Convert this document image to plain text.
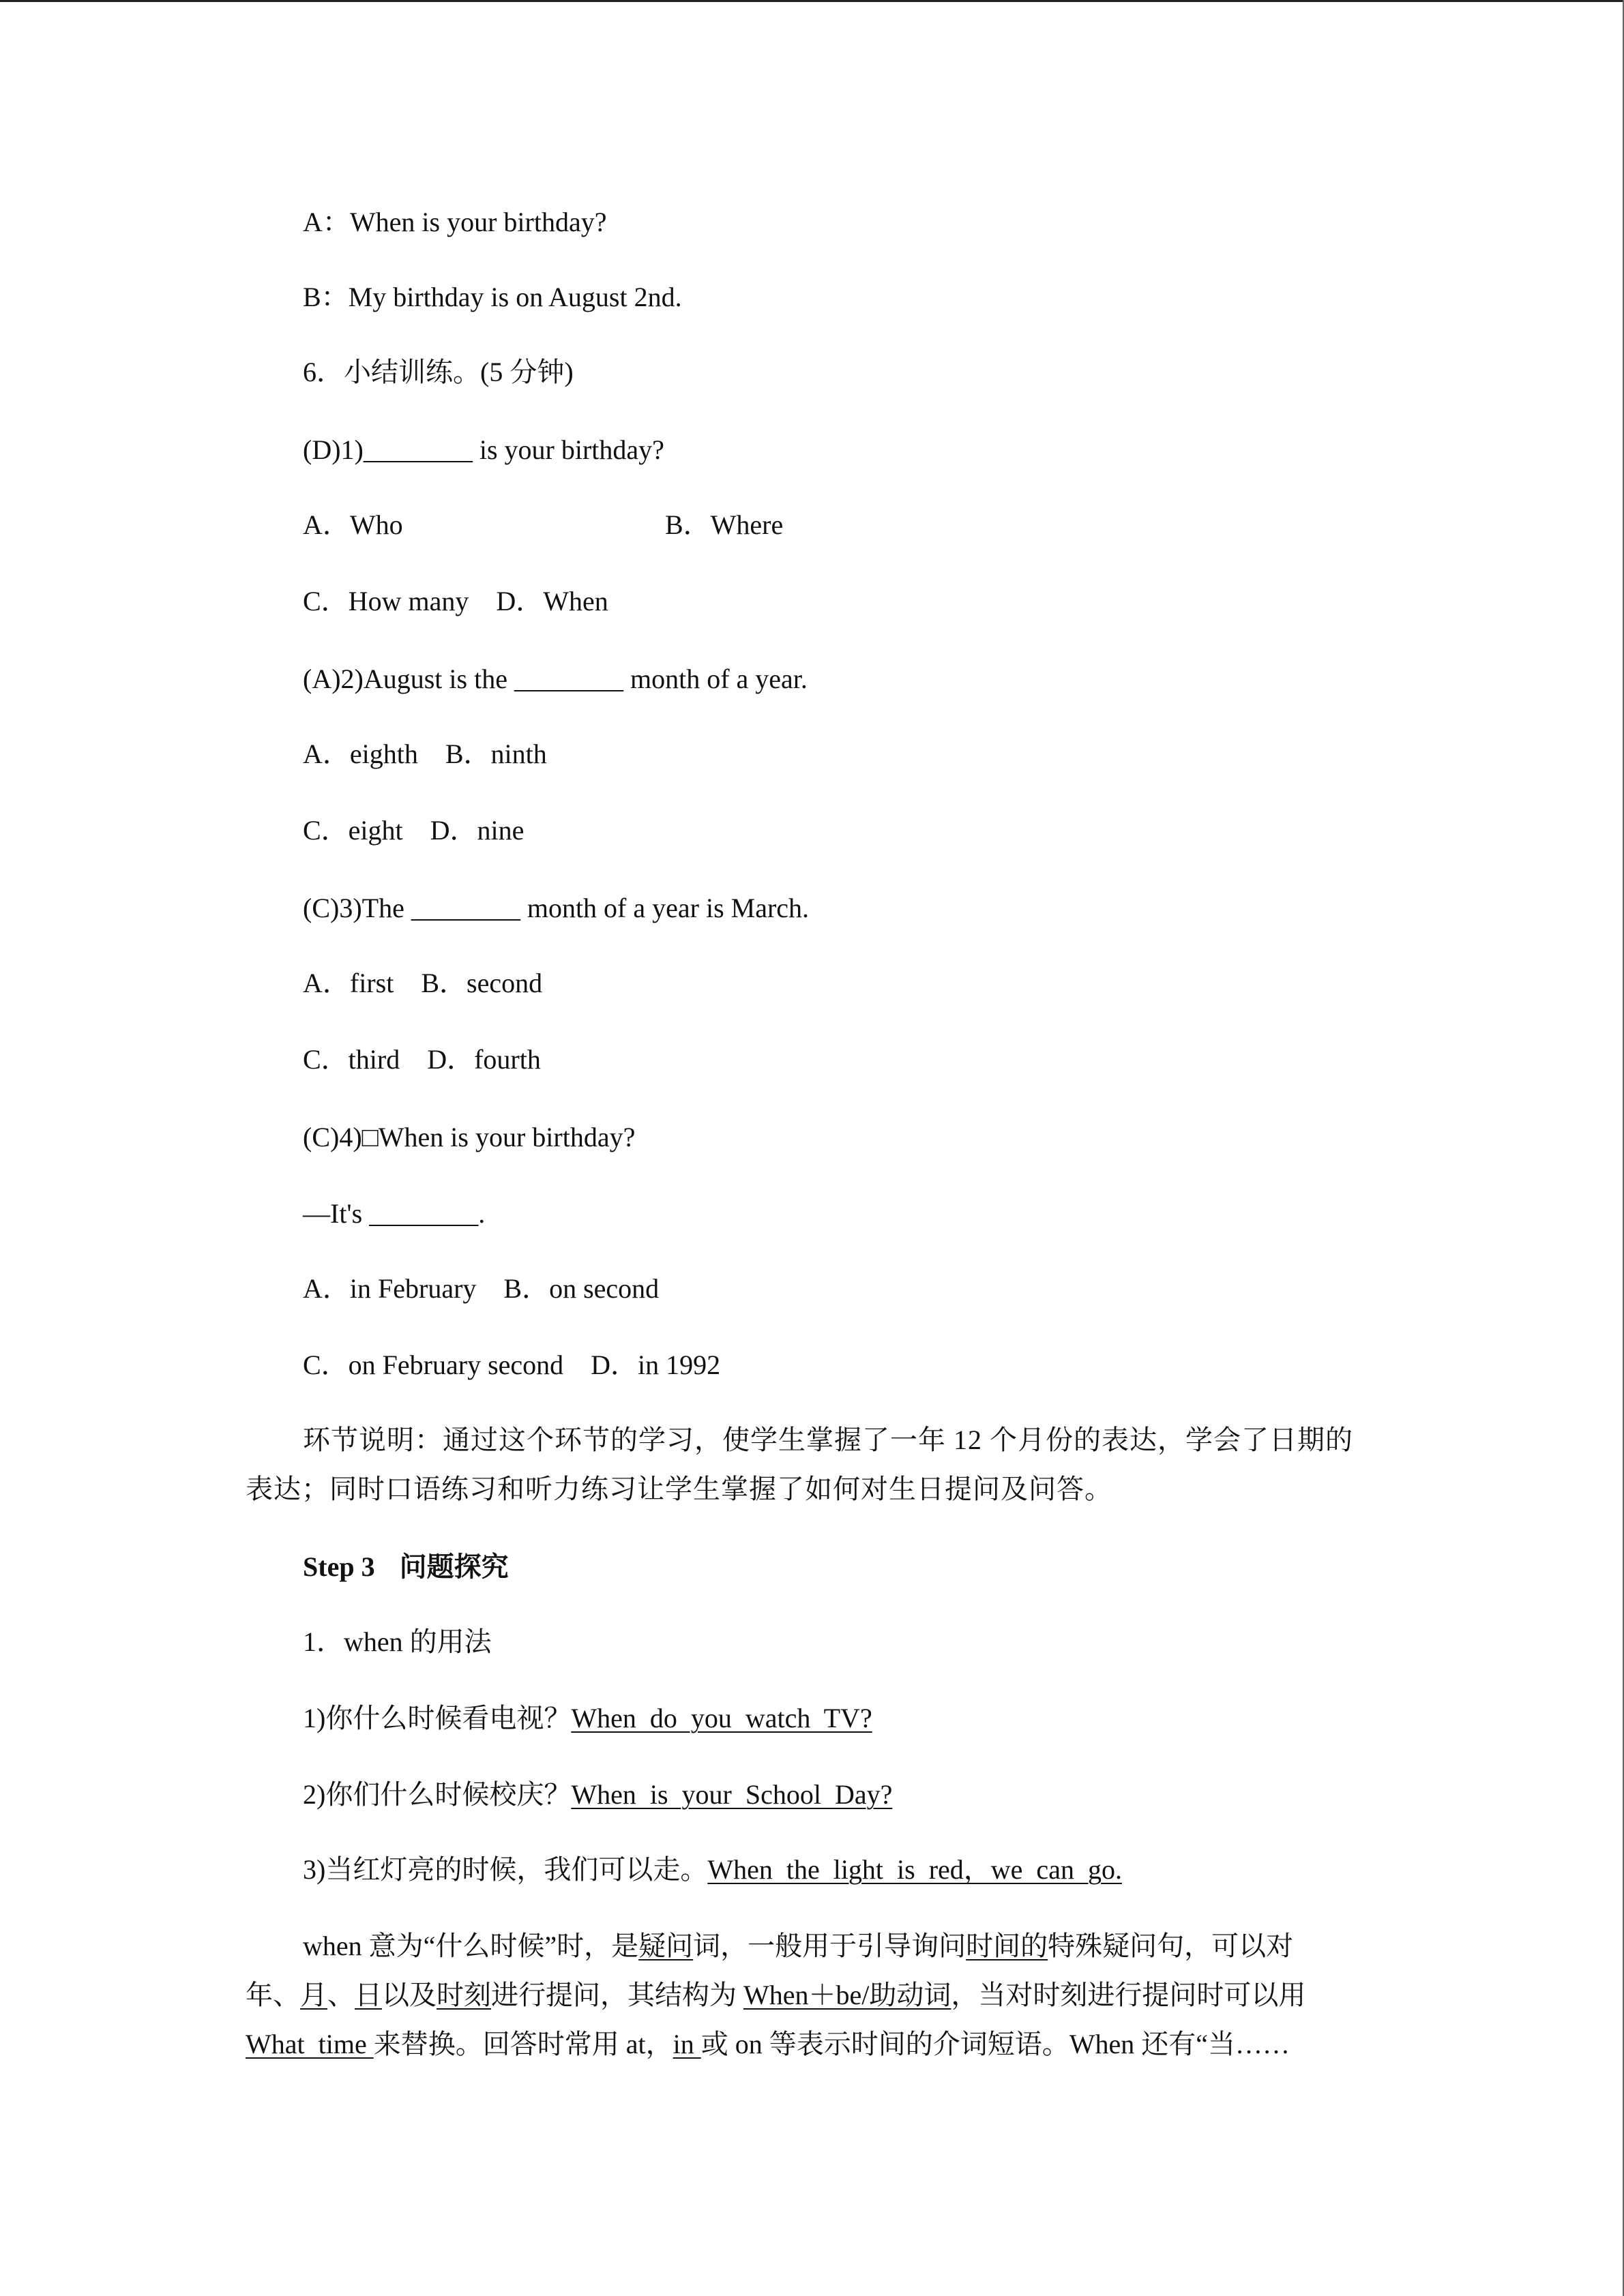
A：When is your birthday?
B：My birthday is on August 2nd.
6．小结训练。(5 分钟)
(D)1)________ is your birthday?
A．Who	B．Where
C．How many　D．When
(A)2)August is the ________ month of a year.
A．eighth　B．ninth
C．eight　D．nine
(C)3)The ________ month of a year is March.
A．first　B．second
C．third　D．fourth
(C)4)□When is your birthday?
—It's ________.
A．in February　B．on second
C．on February second　D．in 1992
环节说明：通过这个环节的学习，使学生掌握了一年 12 个月份的表达，学会了日期的
表达；同时口语练习和听力练习让学生掌握了如何对生日提问及问答。
Step 3 问题探究
1．when 的用法
1)你什么时候看电视？When  do  you  watch  TV?
2)你们什么时候校庆？When  is  your  School  Day?
3)当红灯亮的时候，我们可以走。When  the  light  is  red，we  can  go.
when 意为“什么时候”时，是疑问词，一般用于引导询问时间的特殊疑问句，可以对
年、月、日以及时刻进行提问，其结构为 When＋be/助动词，当对时刻进行提问时可以用
What  time 来替换。回答时常用 at，in 或 on 等表示时间的介词短语。When 还有“当……
